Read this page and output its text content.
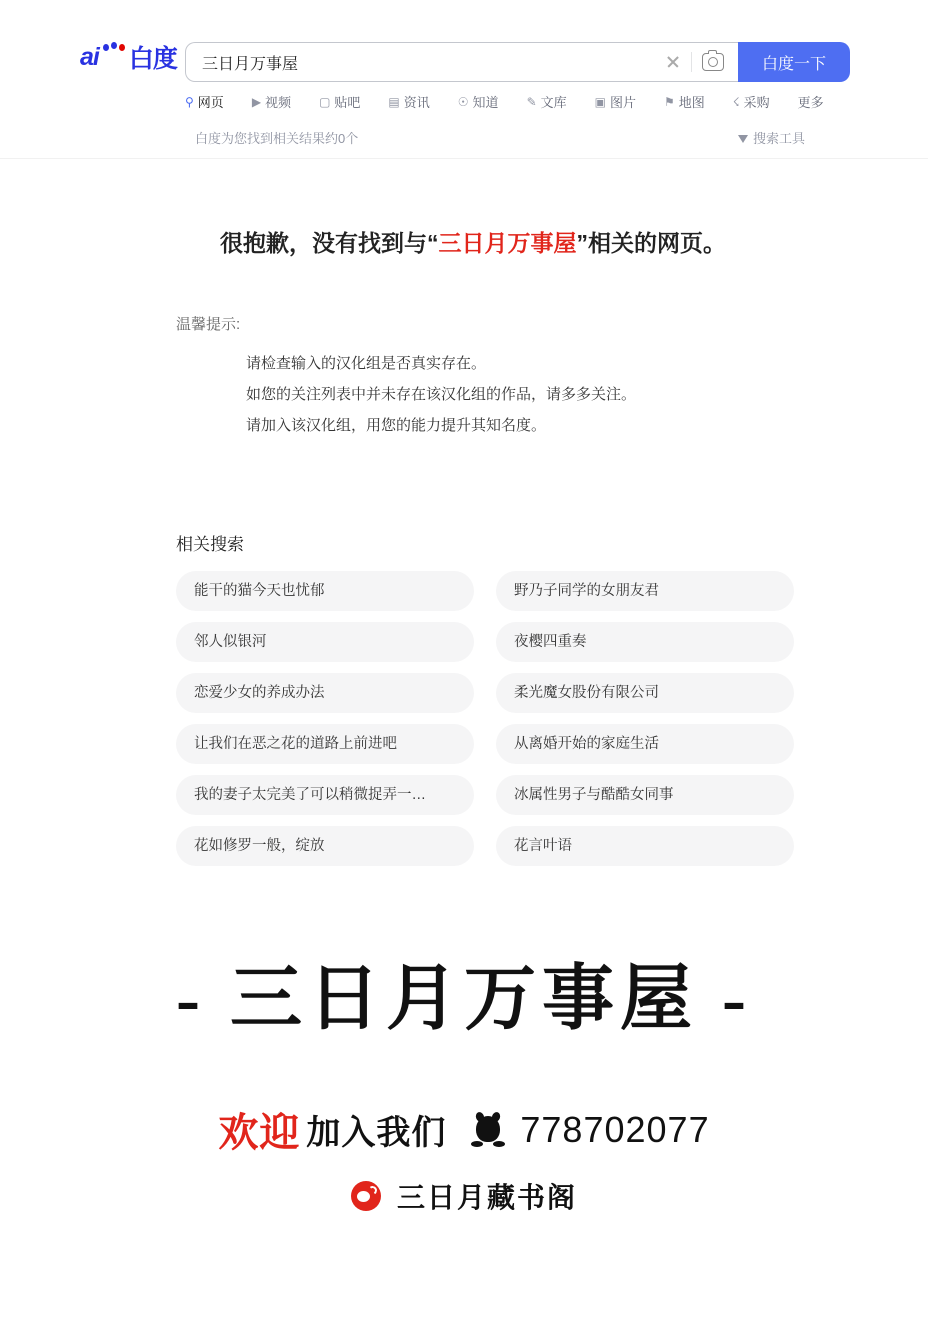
ai du 白度
三日月万事屋	白度一下
⚲ 网页 ▶ 视频 ▢ 贴吧 ▤ 资讯 ☉ 知道 ✎ 文库 ▣ 图片 ⚑ 地图 ☇ 采购 更多
白度为您找到相关结果约0个	搜索工具
很抱歉，没有找到与“三日月万事屋”相关的网页。
温馨提示:
请检查输入的汉化组是否真实存在。
如您的关注列表中并未存在该汉化组的作品，请多多关注。
请加入该汉化组，用您的能力提升其知名度。
相关搜索
能干的猫今天也忧郁	野乃子同学的女朋友君
邻人似银河	夜樱四重奏
恋爱少女的养成办法	柔光魔女股份有限公司
让我们在恶之花的道路上前进吧	从离婚开始的家庭生活
我的妻子太完美了可以稍微捉弄一…	冰属性男子与酷酷女同事
花如修罗一般，绽放	花言叶语
- 三日月万事屋 -
欢迎 加入我们 778702077
三日月藏书阁
